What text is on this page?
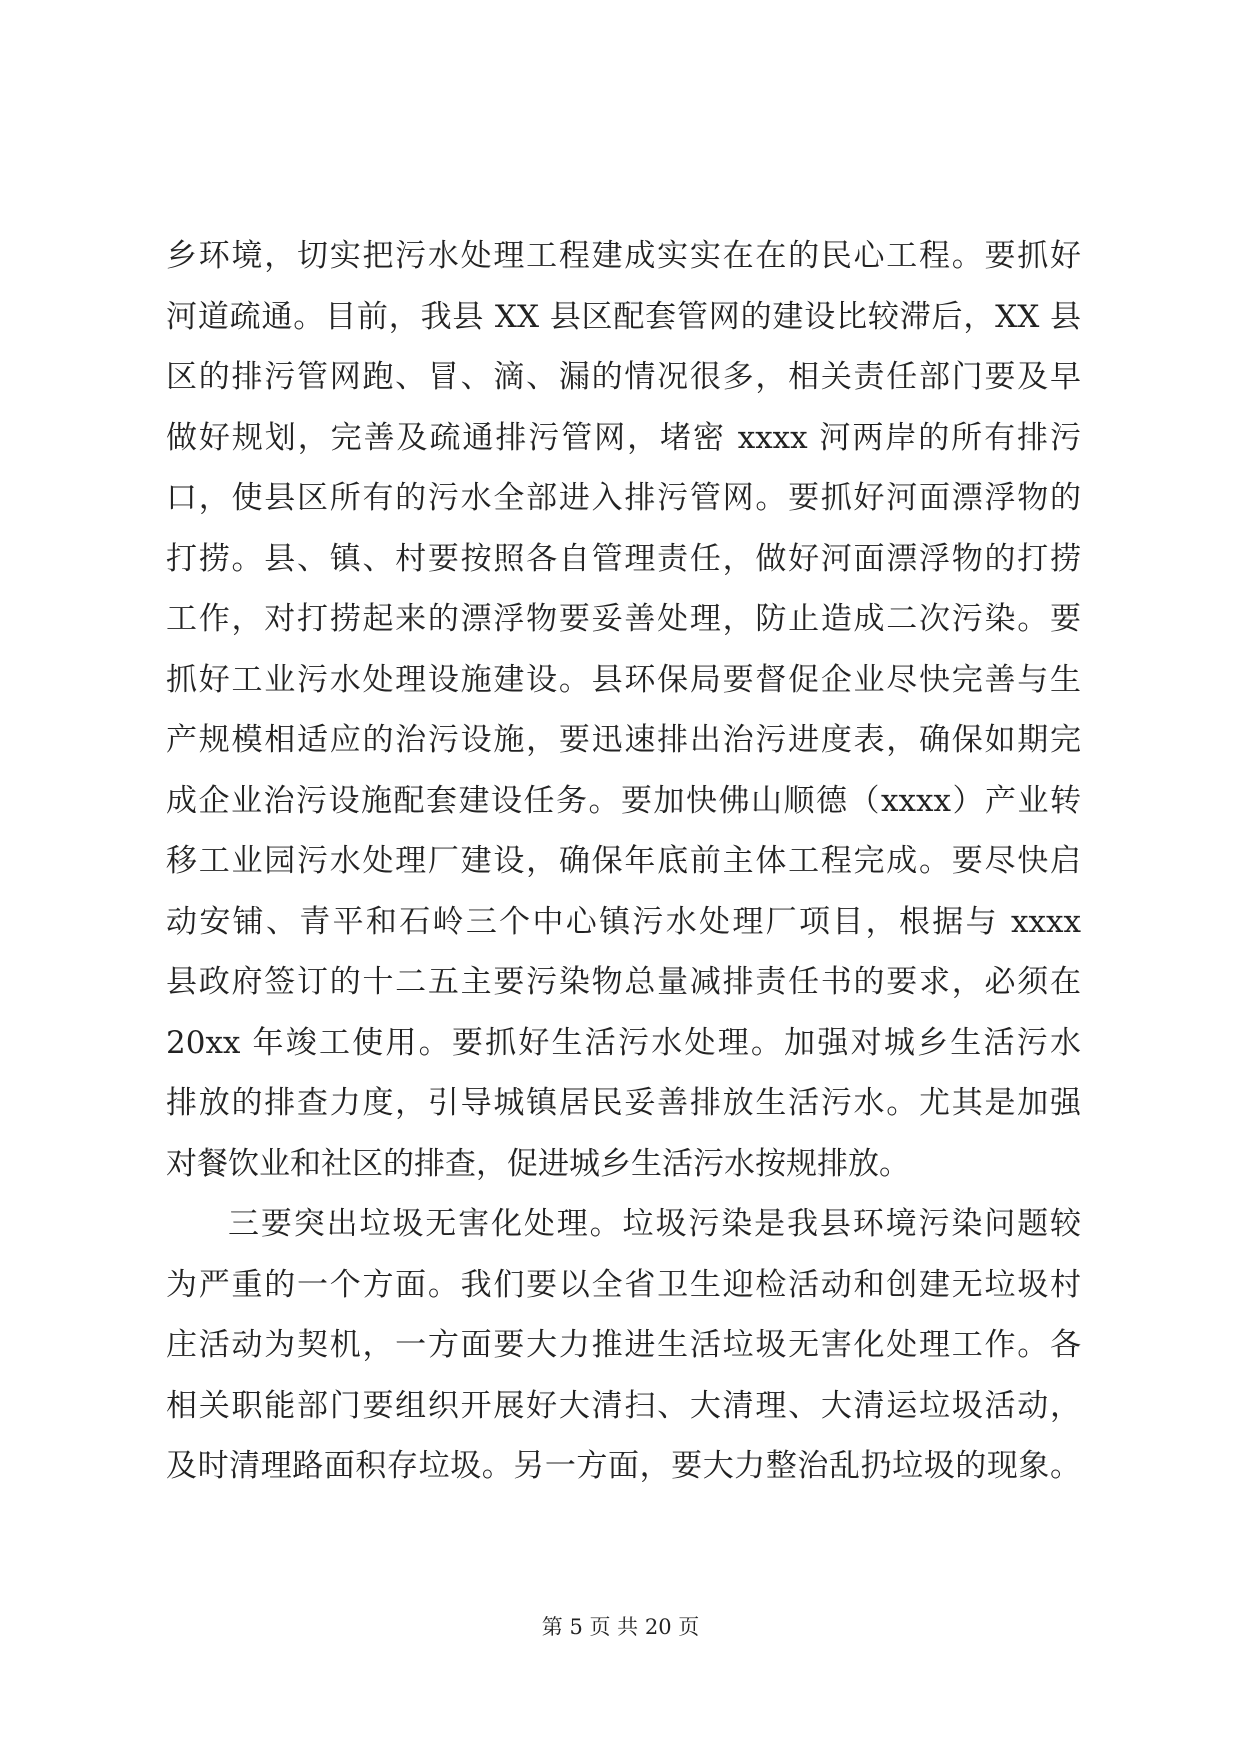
乡环境，切实把污水处理工程建成实实在在的民心工程。要抓好
河道疏通。目前，我县 XX 县区配套管网的建设比较滞后，XX 县
区的排污管网跑、冒、滴、漏的情况很多，相关责任部门要及早
做好规划，完善及疏通排污管网，堵密 xxxx 河两岸的所有排污
口，使县区所有的污水全部进入排污管网。要抓好河面漂浮物的
打捞。县、镇、村要按照各自管理责任，做好河面漂浮物的打捞
工作，对打捞起来的漂浮物要妥善处理，防止造成二次污染。要
抓好工业污水处理设施建设。县环保局要督促企业尽快完善与生
产规模相适应的治污设施，要迅速排出治污进度表，确保如期完
成企业治污设施配套建设任务。要加快佛山顺德（xxxx）产业转
移工业园污水处理厂建设，确保年底前主体工程完成。要尽快启
动安铺、青平和石岭三个中心镇污水处理厂项目，根据与 xxxx
县政府签订的十二五主要污染物总量减排责任书的要求，必须在
20xx 年竣工使用。要抓好生活污水处理。加强对城乡生活污水
排放的排查力度，引导城镇居民妥善排放生活污水。尤其是加强
对餐饮业和社区的排查，促进城乡生活污水按规排放。
三要突出垃圾无害化处理。垃圾污染是我县环境污染问题较
为严重的一个方面。我们要以全省卫生迎检活动和创建无垃圾村
庄活动为契机，一方面要大力推进生活垃圾无害化处理工作。各
相关职能部门要组织开展好大清扫、大清理、大清运垃圾活动，
及时清理路面积存垃圾。另一方面，要大力整治乱扔垃圾的现象。
第 5 页 共 20 页
